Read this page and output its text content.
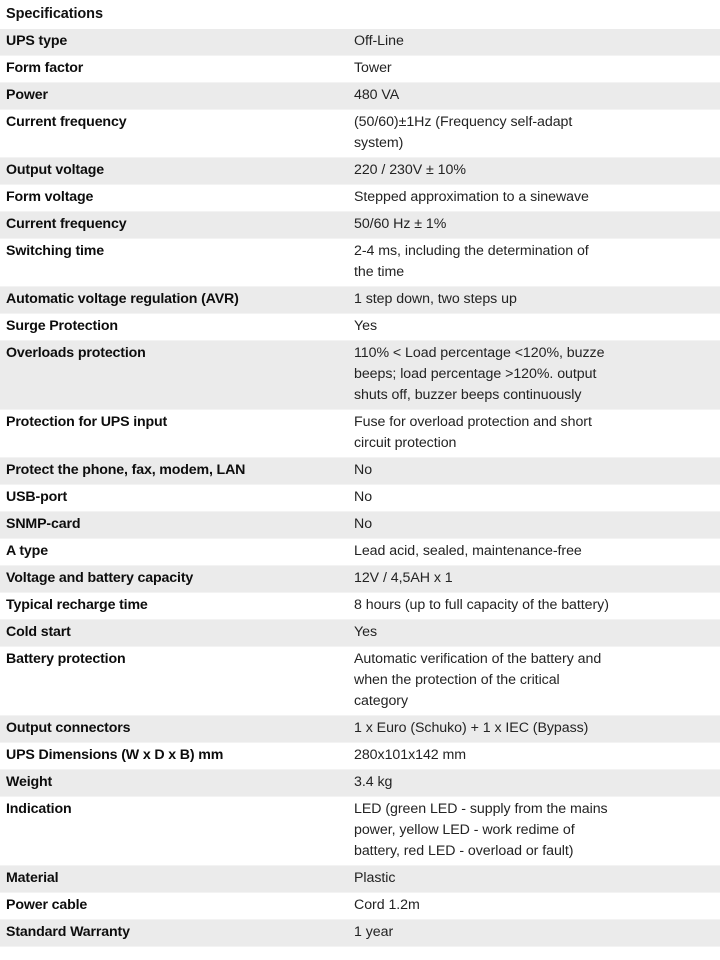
Specifications
UPS type	Off-Line

Form factor	Tower

Power	480 VA

Current frequency	(50/60)±1Hz (Frequency self-adapt
system)

Output voltage	220 / 230V ± 10%

Form voltage	Stepped approximation to a sinewave

Current frequency	50/60 Hz ± 1%

Switching time	2-4 ms, including the determination of
the time

Automatic voltage regulation (AVR)	1 step down, two steps up

Surge Protection	Yes

Overloads protection	110% < Load percentage <120%, buzze
beeps; load percentage >120%. output
shuts off, buzzer beeps continuously

Protection for UPS input	Fuse for overload protection and short
circuit protection

Protect the phone, fax, modem, LAN	No

USB-port	No

SNMP-card	No

A type	Lead acid, sealed, maintenance-free

Voltage and battery capacity	12V / 4,5AH x 1

Typical recharge time	8 hours (up to full capacity of the battery)

Cold start	Yes

Battery protection	Automatic verification of the battery and
when the protection of the critical
category

Output connectors	1 x Euro (Schuko) + 1 x IEC (Bypass)

UPS Dimensions (W x D x B) mm	280x101x142 mm

Weight	3.4 kg

Indication	LED (green LED - supply from the mains
power, yellow LED - work redime of
battery, red LED - overload or fault)

Material	Plastic

Power cable	Cord 1.2m

Standard Warranty	1 year
